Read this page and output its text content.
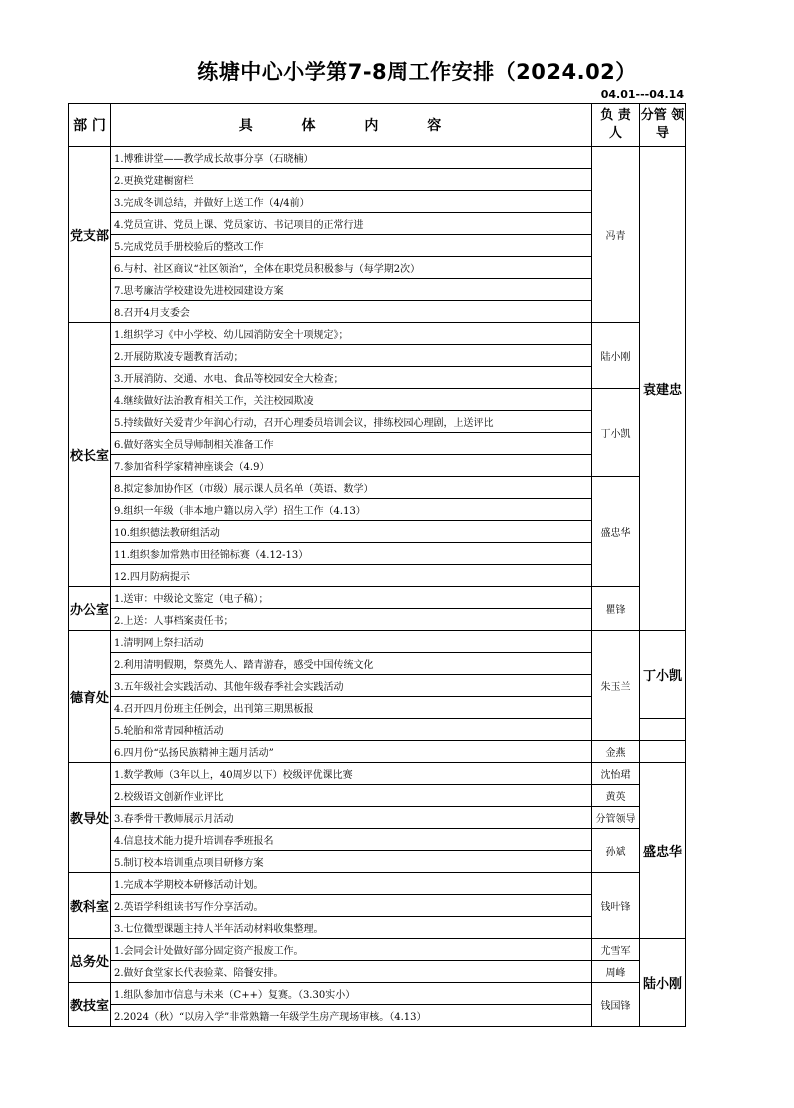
练塘中心小学第7-8周工作安排（2024.02）
04.01---04.14
部 门	具 体 内 容	负 责 人	分管 领导
党支部	1.博雅讲堂——教学成长故事分享（石晓楠）	冯青	袁建忠
	2.更换党建橱窗栏		
	3.完成冬训总结，并做好上送工作（4/4前）		
	4.党员宣讲、党员上课、党员家访、书记项目的正常行进		
	5.完成党员手册校验后的整改工作		
	6.与村、社区商议“社区领治”，全体在职党员积极参与（每学期2次）		
	7.思考廉洁学校建设先进校园建设方案		
	8.召开4月支委会		
校长室	1.组织学习《中小学校、幼儿园消防安全十项规定》；	陆小刚	
	2.开展防欺凌专题教育活动；		
	3.开展消防、交通、水电、食品等校园安全大检查；		
	4.继续做好法治教育相关工作，关注校园欺凌	丁小凯	
	5.持续做好关爱青少年润心行动，召开心理委员培训会议，排练校园心理剧，上送评比		
	6.做好落实全员导师制相关准备工作		
	7.参加省科学家精神座谈会（4.9）		
	8.拟定参加协作区（市级）展示课人员名单（英语、数学）	盛忠华	
	9.组织一年级（非本地户籍以房入学）招生工作（4.13）		
	10.组织德法教研组活动		
	11.组织参加常熟市田径锦标赛（4.12-13）		
	12.四月防病提示		
办公室	1.送审：中级论文鉴定（电子稿）；	瞿锋	
	2.上送：人事档案责任书；		
德育处	1.清明网上祭扫活动	朱玉兰	丁小凯
	2.利用清明假期，祭奠先人、踏青游春，感受中国传统文化		
	3.五年级社会实践活动、其他年级春季社会实践活动		
	4.召开四月份班主任例会，出刊第三期黑板报		
	5.轮胎和常青园种植活动		
	6.四月份“弘扬民族精神主题月活动”	金燕	
教导处	1.数学教师（3年以上，40周岁以下）校级评优课比赛	沈怡珺	盛忠华
	2.校级语文创新作业评比	黄英	
	3.春季骨干教师展示月活动	分管领导	
	4.信息技术能力提升培训春季班报名	孙斌	
	5.制订校本培训重点项目研修方案		
教科室	1.完成本学期校本研修活动计划。	钱叶锋	
	2.英语学科组读书写作分享活动。		
	3.七位微型课题主持人半年活动材料收集整理。		
总务处	1.会同会计处做好部分固定资产报废工作。	尤雪军	陆小刚
	2.做好食堂家长代表验菜、陪餐安排。	周峰	
教技室	1.组队参加市信息与未来（C++）复赛。（3.30实小）	钱国锋	
	2.2024（秋）“以房入学”非常熟籍一年级学生房产现场审核。（4.13）		
